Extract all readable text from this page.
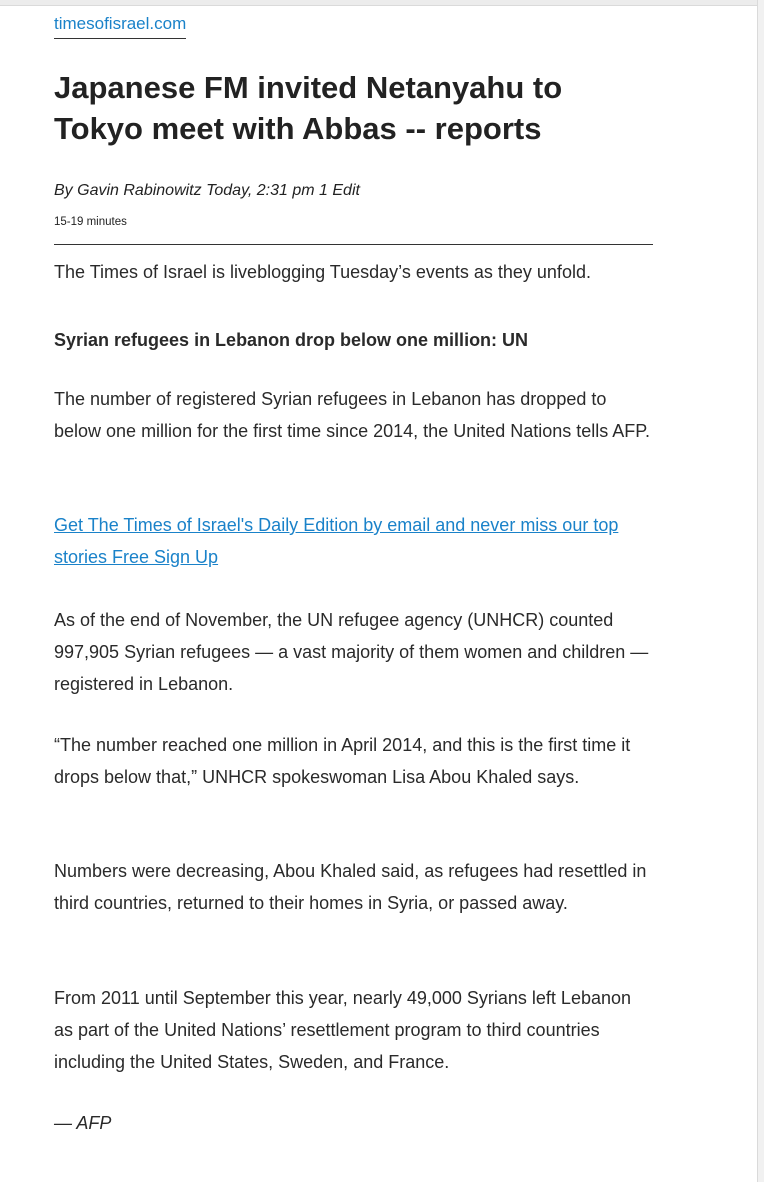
timesofisrael.com
Japanese FM invited Netanyahu to Tokyo meet with Abbas -- reports
By Gavin Rabinowitz Today, 2:31 pm 1 Edit
15-19 minutes

The Times of Israel is liveblogging Tuesday’s events as they unfold.

Syrian refugees in Lebanon drop below one million: UN

The number of registered Syrian refugees in Lebanon has dropped to below one million for the first time since 2014, the United Nations tells AFP.

Get The Times of Israel's Daily Edition by email and never miss our top stories Free Sign Up

As of the end of November, the UN refugee agency (UNHCR) counted 997,905 Syrian refugees — a vast majority of them women and children — registered in Lebanon.

“The number reached one million in April 2014, and this is the first time it drops below that,” UNHCR spokeswoman Lisa Abou Khaled says.

Numbers were decreasing, Abou Khaled said, as refugees had resettled in third countries, returned to their homes in Syria, or passed away.

From 2011 until September this year, nearly 49,000 Syrians left Lebanon as part of the United Nations’ resettlement program to third countries including the United States, Sweden, and France.

— AFP
